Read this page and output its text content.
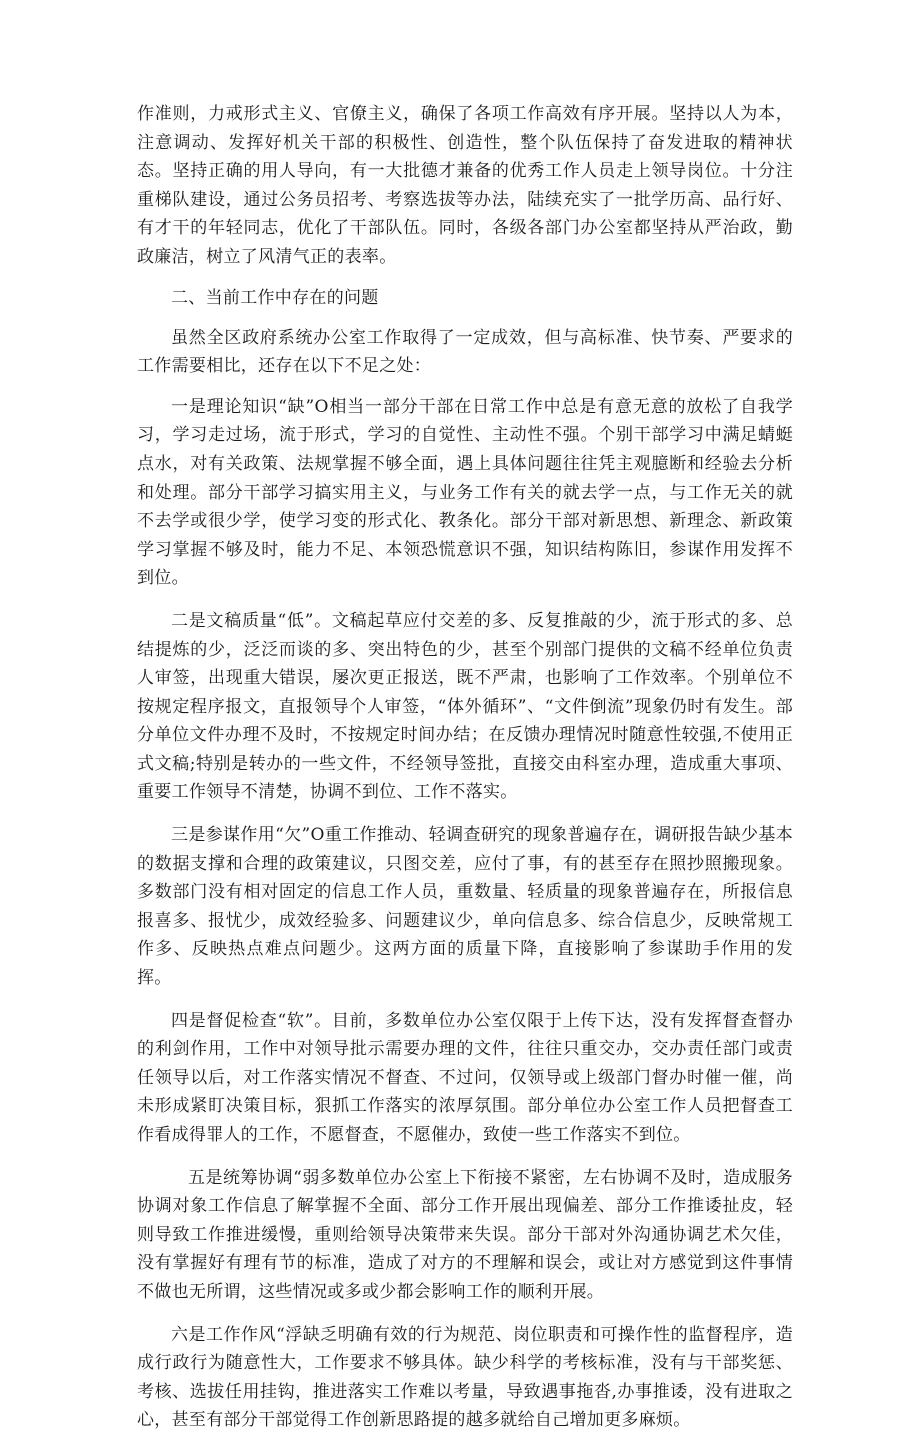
作准则，力戒形式主义、官僚主义，确保了各项工作高效有序开展。坚持以人为本，注意调动、发挥好机关干部的积极性、创造性，整个队伍保持了奋发进取的精神状态。坚持正确的用人导向，有一大批德才兼备的优秀工作人员走上领导岗位。十分注重梯队建设，通过公务员招考、考察选拔等办法，陆续充实了一批学历高、品行好、有才干的年轻同志，优化了干部队伍。同时，各级各部门办公室都坚持从严治政，勤政廉洁，树立了风清气正的表率。

二、当前工作中存在的问题

虽然全区政府系统办公室工作取得了一定成效，但与高标准、快节奏、严要求的工作需要相比，还存在以下不足之处：

一是理论知识“缺”O相当一部分干部在日常工作中总是有意无意的放松了自我学习，学习走过场，流于形式，学习的自觉性、主动性不强。个别干部学习中满足蜻蜓点水，对有关政策、法规掌握不够全面，遇上具体问题往往凭主观臆断和经验去分析和处理。部分干部学习搞实用主义，与业务工作有关的就去学一点，与工作无关的就不去学或很少学，使学习变的形式化、教条化。部分干部对新思想、新理念、新政策学习掌握不够及时，能力不足、本领恐慌意识不强，知识结构陈旧，参谋作用发挥不到位。

二是文稿质量“低”。文稿起草应付交差的多、反复推敲的少，流于形式的多、总结提炼的少，泛泛而谈的多、突出特色的少，甚至个别部门提供的文稿不经单位负责人审签，出现重大错误，屡次更正报送，既不严肃，也影响了工作效率。个别单位不按规定程序报文，直报领导个人审签，“体外循环”、“文件倒流”现象仍时有发生。部分单位文件办理不及时，不按规定时间办结；在反馈办理情况时随意性较强,不使用正式文稿;特别是转办的一些文件，不经领导签批，直接交由科室办理，造成重大事项、重要工作领导不清楚，协调不到位、工作不落实。

三是参谋作用“欠”O重工作推动、轻调查研究的现象普遍存在，调研报告缺少基本的数据支撑和合理的政策建议，只图交差，应付了事，有的甚至存在照抄照搬现象。多数部门没有相对固定的信息工作人员，重数量、轻质量的现象普遍存在，所报信息报喜多、报忧少，成效经验多、问题建议少，单向信息多、综合信息少，反映常规工作多、反映热点难点问题少。这两方面的质量下降，直接影响了参谋助手作用的发挥。

四是督促检查“软”。目前，多数单位办公室仅限于上传下达，没有发挥督查督办的利剑作用，工作中对领导批示需要办理的文件，往往只重交办，交办责任部门或责任领导以后，对工作落实情况不督查、不过问，仅领导或上级部门督办时催一催，尚未形成紧盯决策目标，狠抓工作落实的浓厚氛围。部分单位办公室工作人员把督查工作看成得罪人的工作，不愿督查，不愿催办，致使一些工作落实不到位。

五是统筹协调“弱多数单位办公室上下衔接不紧密，左右协调不及时，造成服务协调对象工作信息了解掌握不全面、部分工作开展出现偏差、部分工作推诿扯皮，轻则导致工作推进缓慢，重则给领导决策带来失误。部分干部对外沟通协调艺术欠佳，没有掌握好有理有节的标准，造成了对方的不理解和误会，或让对方感觉到这件事情不做也无所谓，这些情况或多或少都会影响工作的顺利开展。

六是工作作风“浮缺乏明确有效的行为规范、岗位职责和可操作性的监督程序，造成行政行为随意性大，工作要求不够具体。缺少科学的考核标准，没有与干部奖惩、考核、选拔任用挂钩，推进落实工作难以考量，导致遇事拖沓,办事推诿，没有进取之心，甚至有部分干部觉得工作创新思路提的越多就给自己增加更多麻烦。
